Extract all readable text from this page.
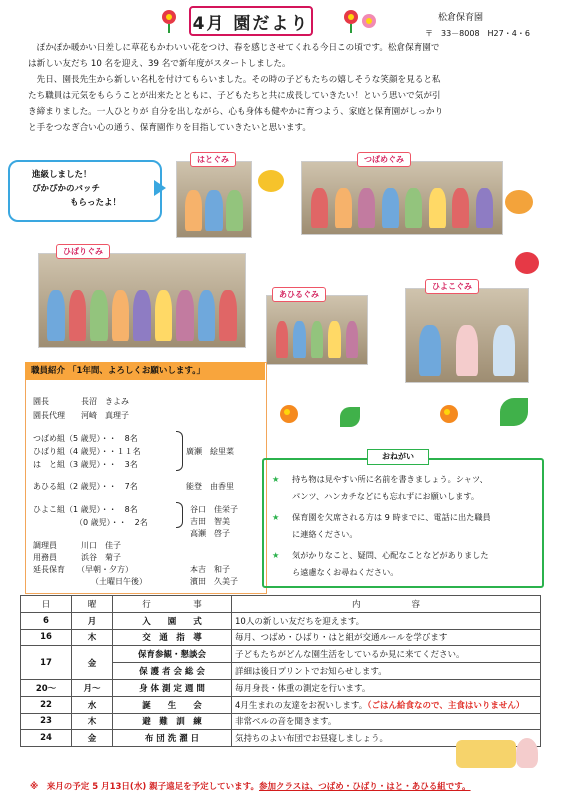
4月 園だより	松倉保育園
〒　33－8008　H27・4・6

　ぽかぽか暖かい日差しに草花もかわいい花をつけ、春を感じさせてくれる今日この頃です。松倉保育園で

は新しい友だち 10 名を迎え、39 名で新年度がスタートしました。

　先日、園長先生から新しい名札を付けてもらいました。その時の子どもたちの嬉しそうな笑顔を見ると私

たち職員は元気をもらうことが出来たとともに、子どもたちと共に成長していきたい！という思いで気が引

き締まりました。一人ひとりが 自分を出しながら、心も身体も健やかに育つよう、家庭と保育園がしっかり

と手をつなぎ合い心の通う、保育園作りを目指していきたいと思います。

進級しました！
ぴかぴかのバッチ
もらったよ！
はとぐみ	つばめぐみ
ひばりぐみ
あひるぐみ
ひよこぐみ
職員紹介 「1年間、よろしくお願いします。」
園長　　　　長沼　きよみ
園長代理　　河崎　真理子
つばめ組（5 歳児）・・　8名
ひばり組（4 歳児）・・１１名
は　と組（3 歳児）・・　3名
廣瀬　絵里菜
あひる組（2 歳児）・・　7名	能登　由香里
ひよこ組（1 歳児）・・　8名
（0 歳児）・・　2名
谷口　佳栄子
吉田　智美
高瀬　啓子
調理員　　　川口　佳子
用務員　　　浜谷　菊子
延長保育　　（早朝・夕方）
（土曜日午後）
本吉　和子
濱田　久美子
おねがい
★ 持ち物は見やすい所に名前を書きましょう。シャツ、
パンツ、ハンカチなどにも忘れずにお願いします。
★ 保育園を欠席される方は 9 時までに、電話に出た職員
に連絡ください。
★ 気がかりなこと、疑問、心配なことなどがありました
ら遠慮なくお尋ねください。
日	曜	行　　　　　事	内　　　　　　容
6	月	入　　園　　式	10人の新しい友だちを迎えます。
16	木	交　通　指　導	毎月、つばめ・ひばり・はと組が交通ルールを学びます
17	金	保育参観・懇談会	子どもたちがどんな園生活をしているか見に来てください。
		保 護 者 会 総 会	詳細は後日プリントでお知らせします。
20～	月～	身 体 測 定 週 間	毎月身長・体重の測定を行います。
22	水	誕　　生　　会	4月生まれの友達をお祝いします。（ごはん給食なので、主食はいりません）
23	木	避　難　訓　練	非常ベルの音を聞きます。
24	金	布 団 洗 濯 日	気持ちのよい布団でお昼寝しましょう。
※　来月の予定 5 月13日(水) 親子遠足を予定しています。参加クラスは、つばめ・ひばり・はと・あひる組です。
